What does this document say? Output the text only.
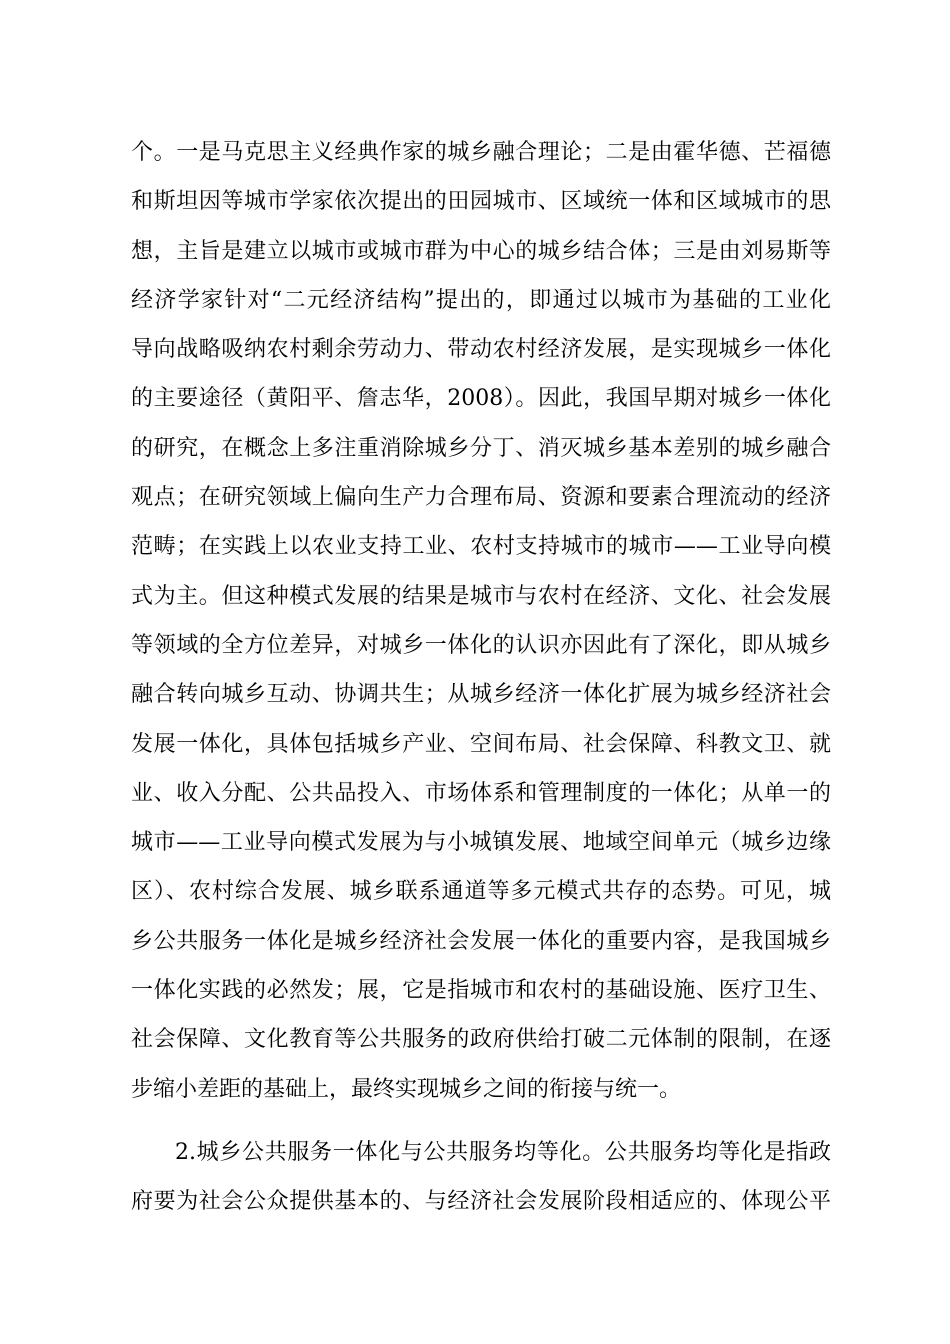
个。一是马克思主义经典作家的城乡融合理论；二是由霍华德、芒福德
和斯坦因等城市学家依次提出的田园城市、区域统一体和区域城市的思
想，主旨是建立以城市或城市群为中心的城乡结合体；三是由刘易斯等
经济学家针对“二元经济结构”提出的，即通过以城市为基础的工业化
导向战略吸纳农村剩余劳动力、带动农村经济发展，是实现城乡一体化
的主要途径（黄阳平、詹志华，2008）。因此，我国早期对城乡一体化
的研究，在概念上多注重消除城乡分丁、消灭城乡基本差别的城乡融合
观点；在研究领域上偏向生产力合理布局、资源和要素合理流动的经济
范畴；在实践上以农业支持工业、农村支持城市的城市——工业导向模
式为主。但这种模式发展的结果是城市与农村在经济、文化、社会发展
等领域的全方位差异，对城乡一体化的认识亦因此有了深化，即从城乡
融合转向城乡互动、协调共生；从城乡经济一体化扩展为城乡经济社会
发展一体化，具体包括城乡产业、空间布局、社会保障、科教文卫、就
业、收入分配、公共品投入、市场体系和管理制度的一体化；从单一的
城市——工业导向模式发展为与小城镇发展、地域空间单元（城乡边缘
区）、农村综合发展、城乡联系通道等多元模式共存的态势。可见，城
乡公共服务一体化是城乡经济社会发展一体化的重要内容，是我国城乡
一体化实践的必然发；展，它是指城市和农村的基础设施、医疗卫生、
社会保障、文化教育等公共服务的政府供给打破二元体制的限制，在逐
步缩小差距的基础上，最终实现城乡之间的衔接与统一。
2.城乡公共服务一体化与公共服务均等化。公共服务均等化是指政
府要为社会公众提供基本的、与经济社会发展阶段相适应的、体现公平
